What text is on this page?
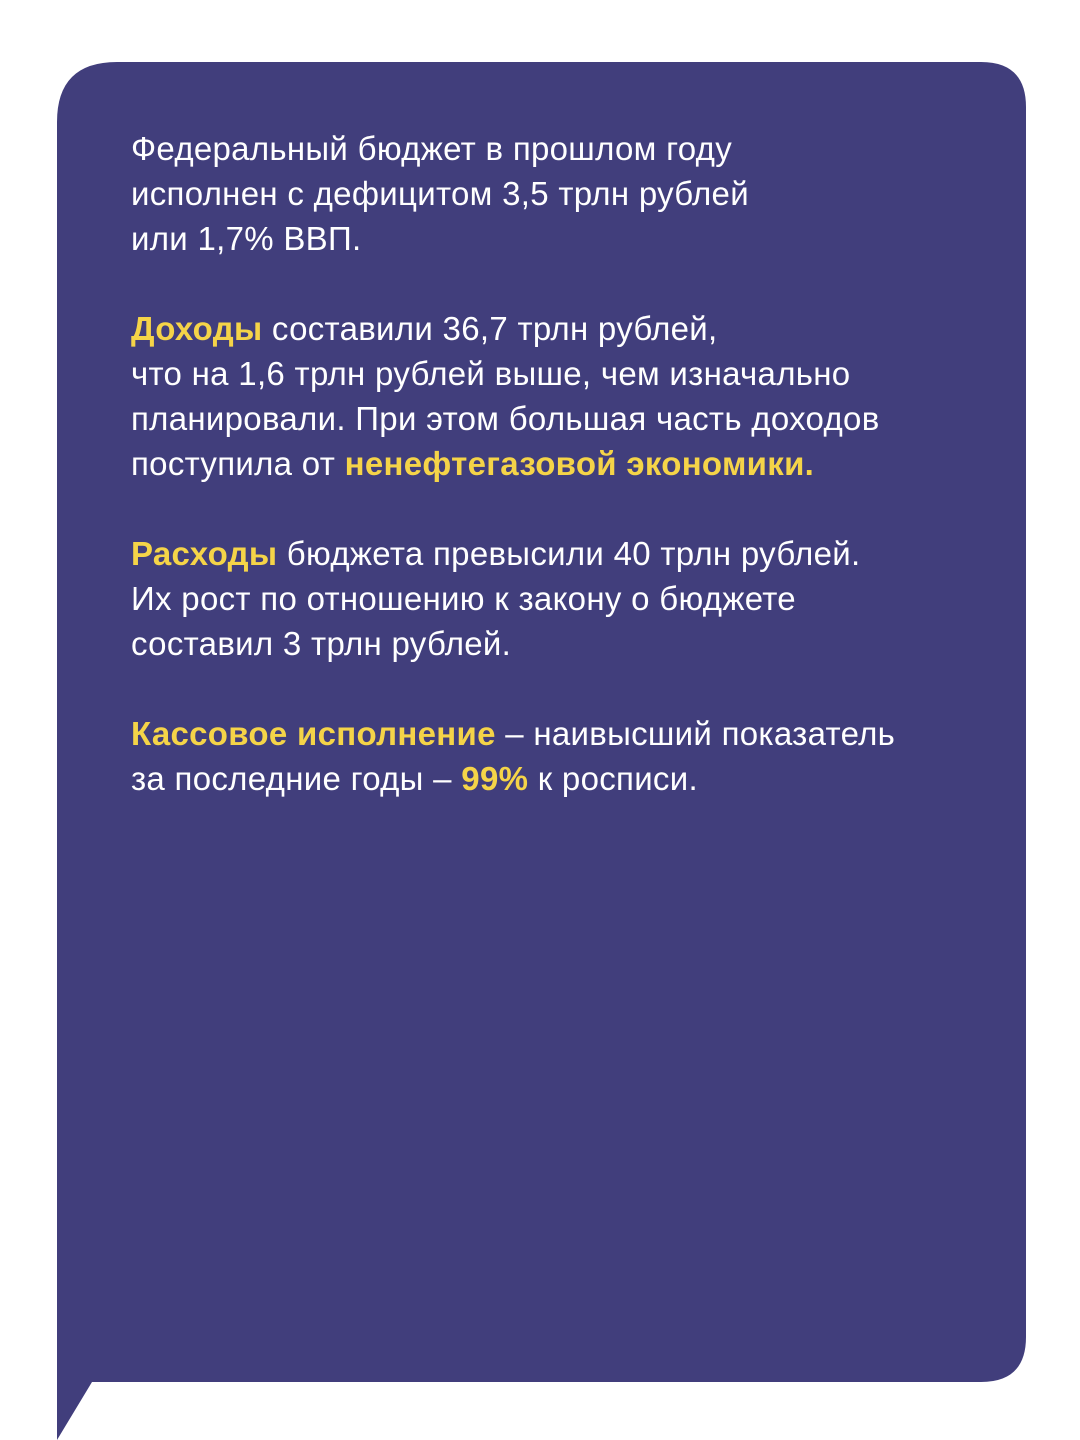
Федеральный бюджет в прошлом году
исполнен с дефицитом 3,5 трлн рублей
или 1,7% ВВП.
Доходы составили 36,7 трлн рублей,
что на 1,6 трлн рублей выше, чем изначально
планировали. При этом большая часть доходов
поступила от ненефтегазовой экономики.
Расходы бюджета превысили 40 трлн рублей.
Их рост по отношению к закону о бюджете
составил 3 трлн рублей.
Кассовое исполнение – наивысший показатель
за последние годы – 99% к росписи.
